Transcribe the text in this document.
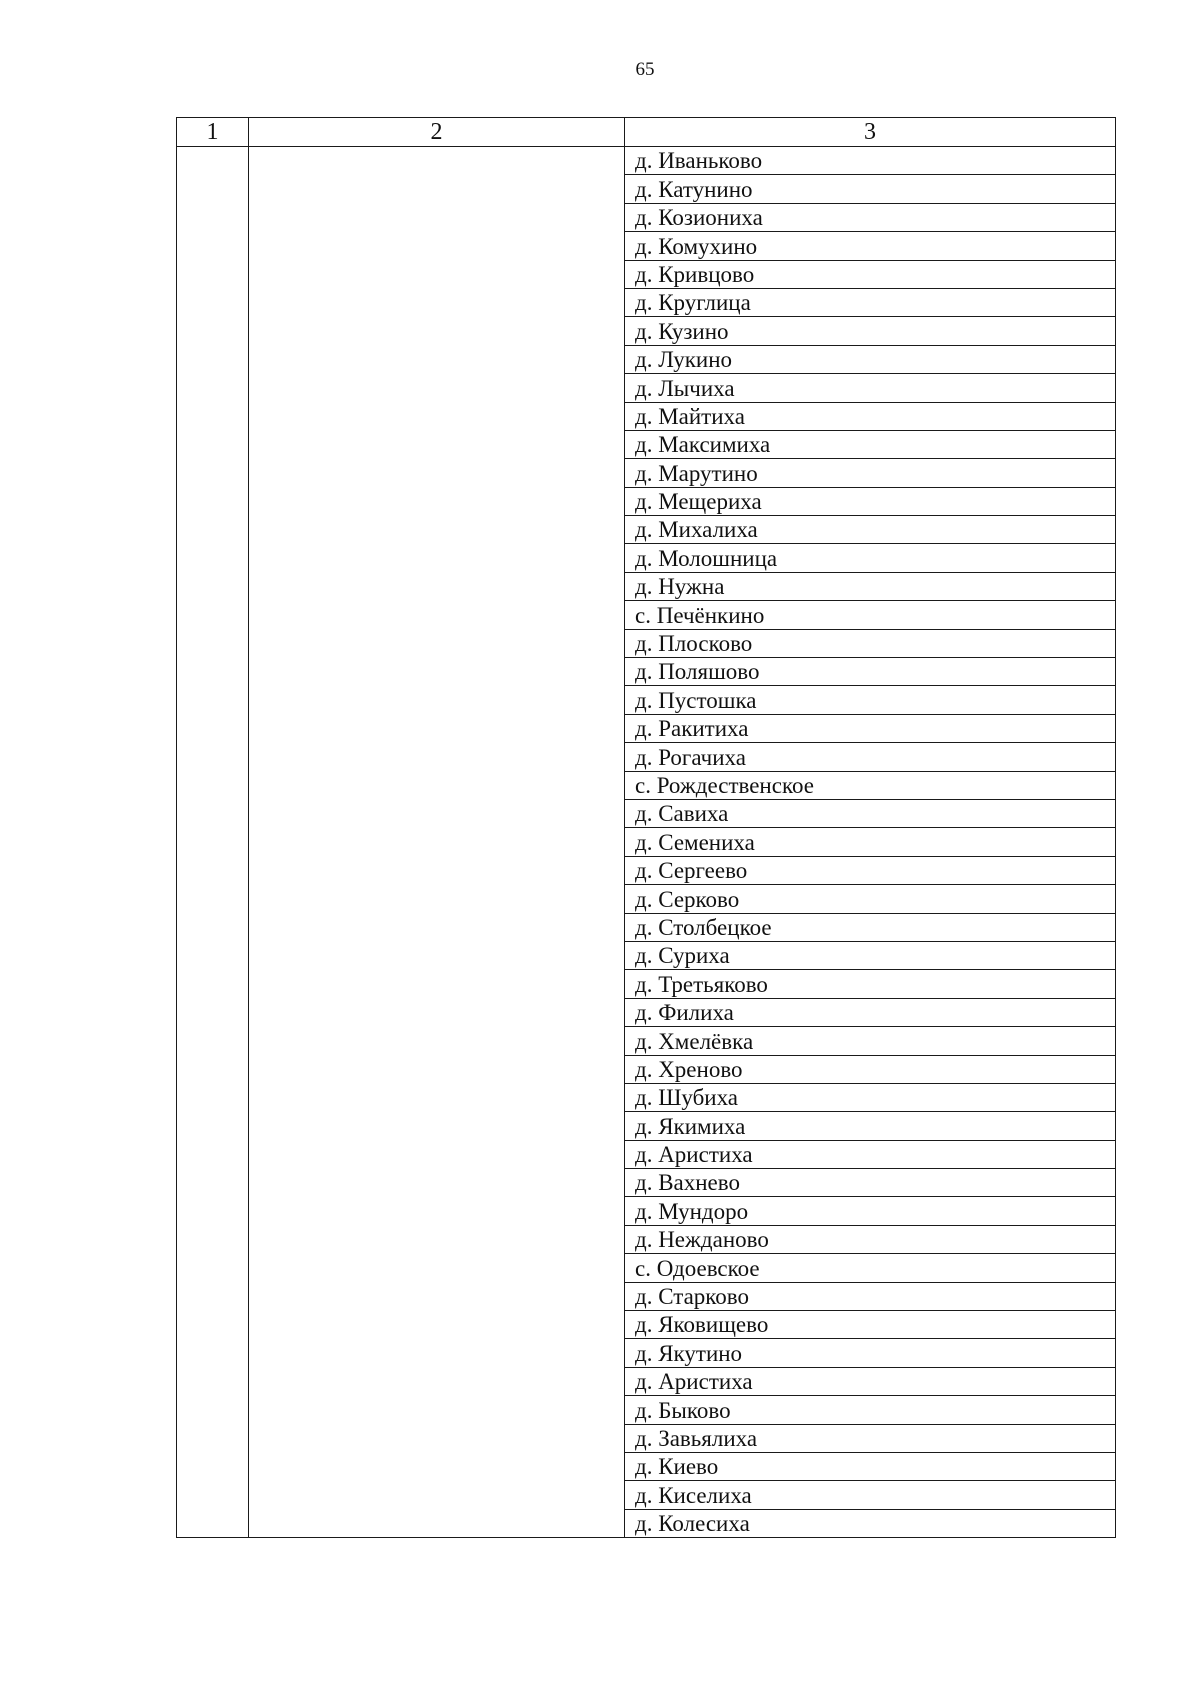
65
1	2	3
		д. Иваньково
		д. Катунино
		д. Козиониха
		д. Комухино
		д. Кривцово
		д. Круглица
		д. Кузино
		д. Лукино
		д. Лычиха
		д. Майтиха
		д. Максимиха
		д. Марутино
		д. Мещериха
		д. Михалиха
		д. Молошница
		д. Нужна
		с. Печёнкино
		д. Плосково
		д. Поляшово
		д. Пустошка
		д. Ракитиха
		д. Рогачиха
		с. Рождественское
		д. Савиха
		д. Семениха
		д. Сергеево
		д. Серково
		д. Столбецкое
		д. Суриха
		д. Третьяково
		д. Филиха
		д. Хмелёвка
		д. Хреново
		д. Шубиха
		д. Якимиха
		д. Аристиха
		д. Вахнево
		д. Мундоро
		д. Нежданово
		с. Одоевское
		д. Старково
		д. Яковищево
		д. Якутино
		д. Аристиха
		д. Быково
		д. Завьялиха
		д. Киево
		д. Киселиха
		д. Колесиха
